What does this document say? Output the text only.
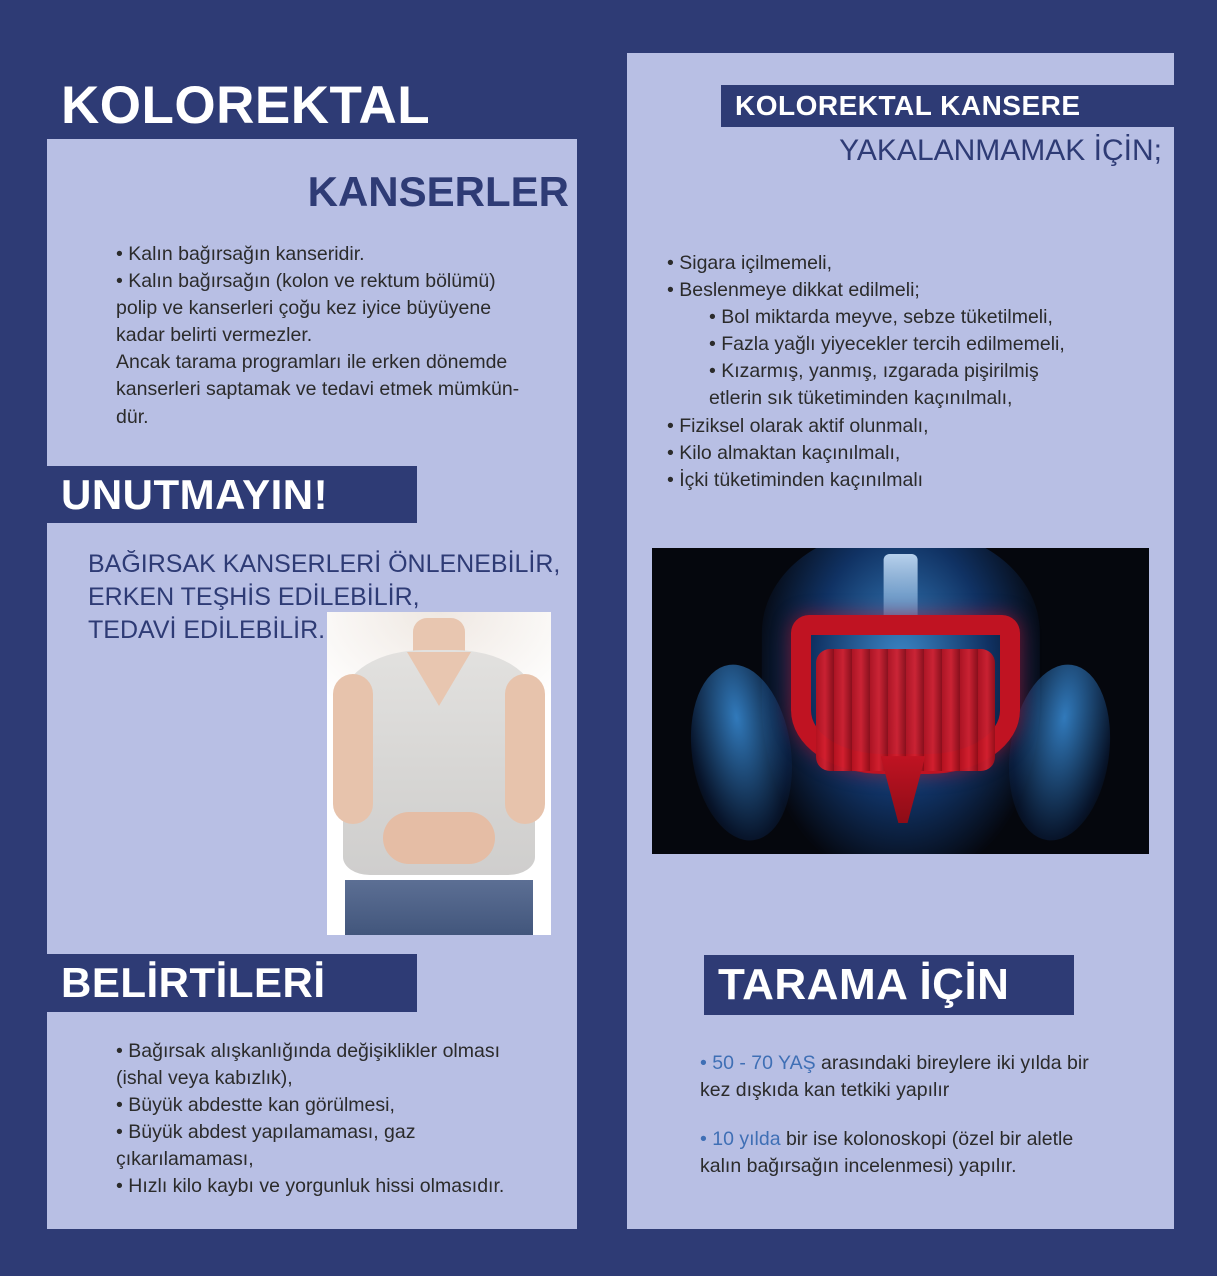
KOLOREKTAL
KANSERLER
• Kalın bağırsağın kanseridir.
• Kalın bağırsağın (kolon ve rektum bölümü)
polip ve kanserleri çoğu kez iyice büyüyene
kadar belirti vermezler.
Ancak tarama programları ile erken dönemde
kanserleri saptamak ve tedavi etmek mümkün-
dür.
UNUTMAYIN!
BAĞIRSAK KANSERLERİ ÖNLENEBİLİR,
ERKEN TEŞHİS EDİLEBİLİR,
TEDAVİ EDİLEBİLİR.
BELİRTİLERİ
• Bağırsak alışkanlığında değişiklikler olması
(ishal veya kabızlık),
• Büyük abdestte kan görülmesi,
• Büyük abdest yapılamaması, gaz
çıkarılamaması,
• Hızlı kilo kaybı ve yorgunluk hissi olmasıdır.
KOLOREKTAL KANSERE
YAKALANMAMAK İÇİN;
• Sigara içilmemeli,
• Beslenmeye dikkat edilmeli;
• Bol miktarda meyve, sebze tüketilmeli,
• Fazla yağlı yiyecekler tercih edilmemeli,
• Kızarmış, yanmış, ızgarada pişirilmiş
etlerin sık tüketiminden kaçınılmalı,
• Fiziksel olarak aktif olunmalı,
• Kilo almaktan kaçınılmalı,
• İçki tüketiminden kaçınılmalı
TARAMA İÇİN

• 50 - 70 YAŞ arasındaki bireylere iki yılda bir
kez dışkıda kan tetkiki yapılır

• 10 yılda bir ise kolonoskopi (özel bir aletle
kalın bağırsağın incelenmesi) yapılır.
